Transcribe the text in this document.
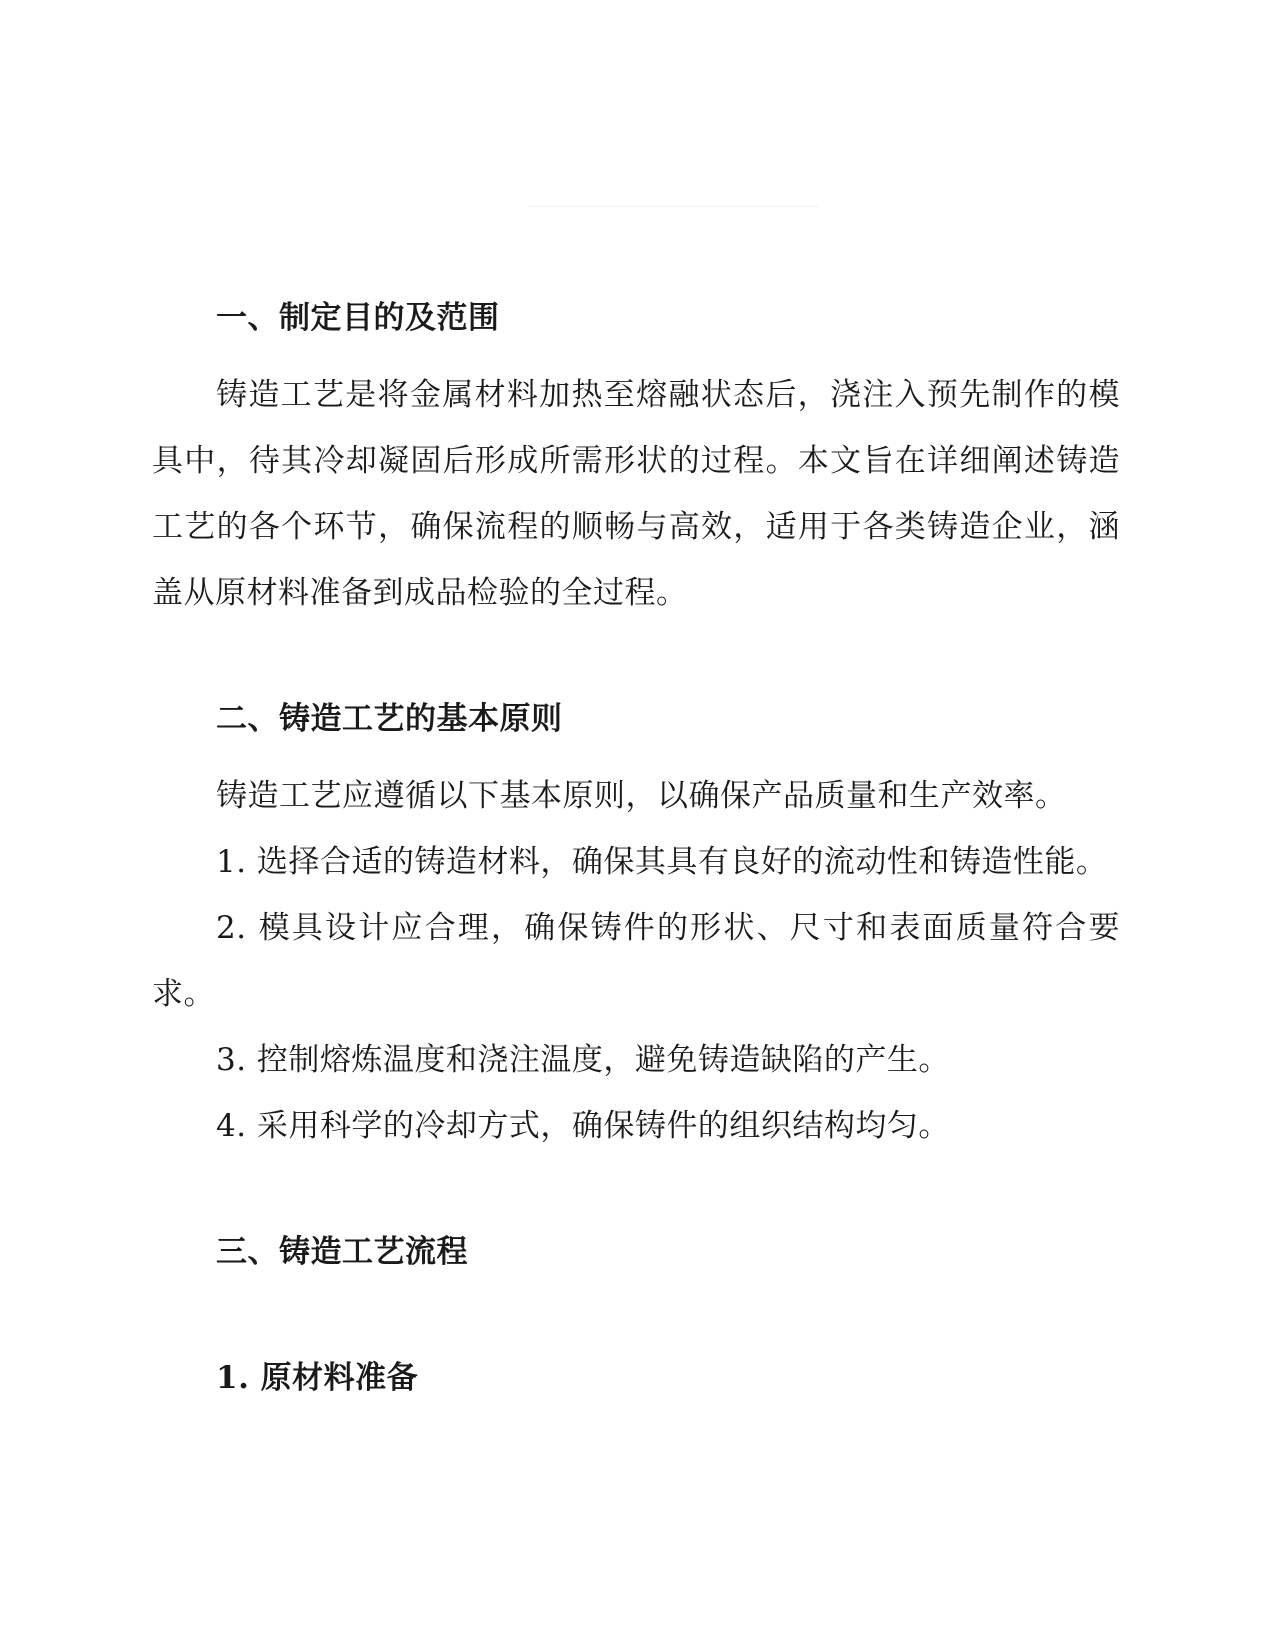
一、制定目的及范围

铸造工艺是将金属材料加热至熔融状态后，浇注入预先制作的模具中，待其冷却凝固后形成所需形状的过程。本文旨在详细阐述铸造工艺的各个环节，确保流程的顺畅与高效，适用于各类铸造企业，涵盖从原材料准备到成品检验的全过程。

二、铸造工艺的基本原则

铸造工艺应遵循以下基本原则，以确保产品质量和生产效率。

1. 选择合适的铸造材料，确保其具有良好的流动性和铸造性能。

2. 模具设计应合理，确保铸件的形状、尺寸和表面质量符合要求。

3. 控制熔炼温度和浇注温度，避免铸造缺陷的产生。

4. 采用科学的冷却方式，确保铸件的组织结构均匀。

三、铸造工艺流程
1. 原材料准备
